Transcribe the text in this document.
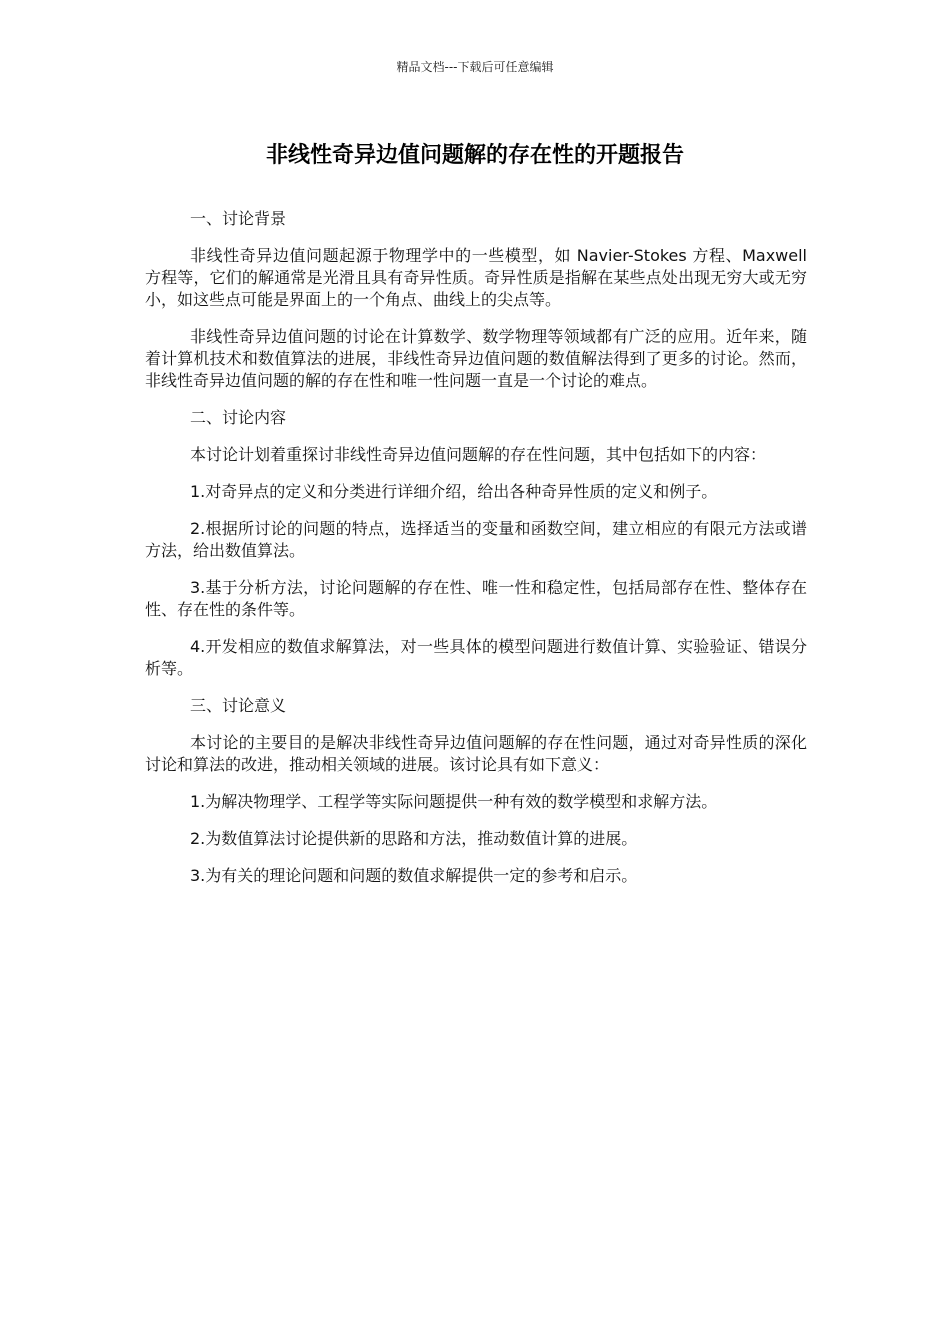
精品文档---下载后可任意编辑
非线性奇异边值问题解的存在性的开题报告

一、讨论背景

非线性奇异边值问题起源于物理学中的一些模型，如 Navier-Stokes 方程、Maxwell 方程等，它们的解通常是光滑且具有奇异性质。奇异性质是指解在某些点处出现无穷大或无穷小，如这些点可能是界面上的一个角点、曲线上的尖点等。

非线性奇异边值问题的讨论在计算数学、数学物理等领域都有广泛的应用。近年来，随着计算机技术和数值算法的进展，非线性奇异边值问题的数值解法得到了更多的讨论。然而，非线性奇异边值问题的解的存在性和唯一性问题一直是一个讨论的难点。

二、讨论内容

本讨论计划着重探讨非线性奇异边值问题解的存在性问题，其中包括如下的内容：

1.对奇异点的定义和分类进行详细介绍，给出各种奇异性质的定义和例子。

2.根据所讨论的问题的特点，选择适当的变量和函数空间，建立相应的有限元方法或谱方法，给出数值算法。

3.基于分析方法，讨论问题解的存在性、唯一性和稳定性，包括局部存在性、整体存在性、存在性的条件等。

4.开发相应的数值求解算法，对一些具体的模型问题进行数值计算、实验验证、错误分析等。

三、讨论意义

本讨论的主要目的是解决非线性奇异边值问题解的存在性问题，通过对奇异性质的深化讨论和算法的改进，推动相关领域的进展。该讨论具有如下意义：

1.为解决物理学、工程学等实际问题提供一种有效的数学模型和求解方法。

2.为数值算法讨论提供新的思路和方法，推动数值计算的进展。

3.为有关的理论问题和问题的数值求解提供一定的参考和启示。
